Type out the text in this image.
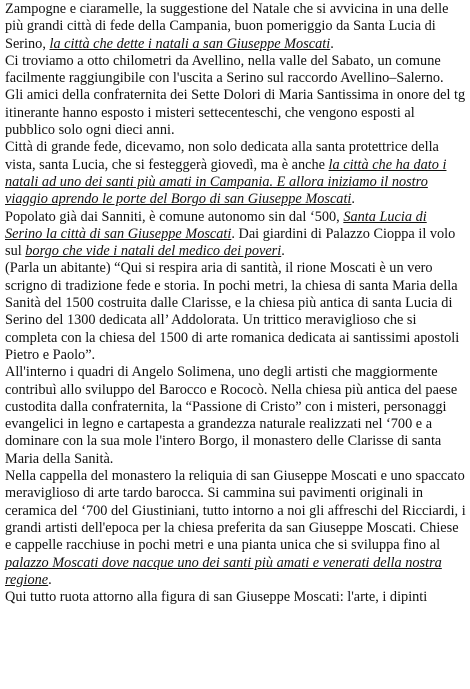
Zampogne e ciaramelle, la suggestione del Natale che si avvicina in una delle più grandi città di fede della Campania, buon pomeriggio da Santa Lucia di Serino, la città che dette i natali a san Giuseppe Moscati.

Ci troviamo a otto chilometri da Avellino, nella valle del Sabato, un comune facilmente raggiungibile con l'uscita a Serino sul raccordo Avellino–Salerno.

Gli amici della confraternita dei Sette Dolori di Maria Santissima in onore del tg itinerante hanno esposto i misteri settecenteschi, che vengono esposti al pubblico solo ogni dieci anni.

Città di grande fede, dicevamo, non solo dedicata alla santa protettrice della vista, santa Lucia, che si festeggerà giovedì, ma è anche la città che ha dato i natali ad uno dei santi più amati in Campania. E allora iniziamo il nostro viaggio aprendo le porte del Borgo di san Giuseppe Moscati.

Popolato già dai Sanniti, è comune autonomo sin dal ‘500, Santa Lucia di Serino la città di san Giuseppe Moscati. Dai giardini di Palazzo Cioppa il volo sul borgo che vide i natali del medico dei poveri.

(Parla un abitante) “Qui si respira aria di santità, il rione Moscati è un vero scrigno di tradizione fede e storia. In pochi metri, la chiesa di santa Maria della Sanità del 1500 costruita dalle Clarisse, e la chiesa più antica di santa Lucia di Serino del 1300 dedicata all’ Addolorata. Un trittico meraviglioso che si completa con la chiesa del 1500 di arte romanica dedicata ai santissimi apostoli Pietro e Paolo”.

All'interno i quadri di Angelo Solimena, uno degli artisti che maggiormente contribuì allo sviluppo del Barocco e Rococò. Nella chiesa più antica del paese custodita dalla confraternita, la “Passione di Cristo” con i misteri, personaggi evangelici in legno e cartapesta a grandezza naturale realizzati nel ‘700 e a dominare con la sua mole l'intero Borgo, il monastero delle Clarisse di santa Maria della Sanità.

Nella cappella del monastero la reliquia di san Giuseppe Moscati e uno spaccato meraviglioso di arte tardo barocca. Si cammina sui pavimenti originali in ceramica del ‘700 del Giustiniani, tutto intorno a noi gli affreschi del Ricciardi, i grandi artisti dell'epoca per la chiesa preferita da san Giuseppe Moscati. Chiese e cappelle racchiuse in pochi metri e una pianta unica che si sviluppa fino al palazzo Moscati dove nacque uno dei santi più amati e venerati della nostra regione.

Qui tutto ruota attorno alla figura di san Giuseppe Moscati: l'arte, i dipinti
